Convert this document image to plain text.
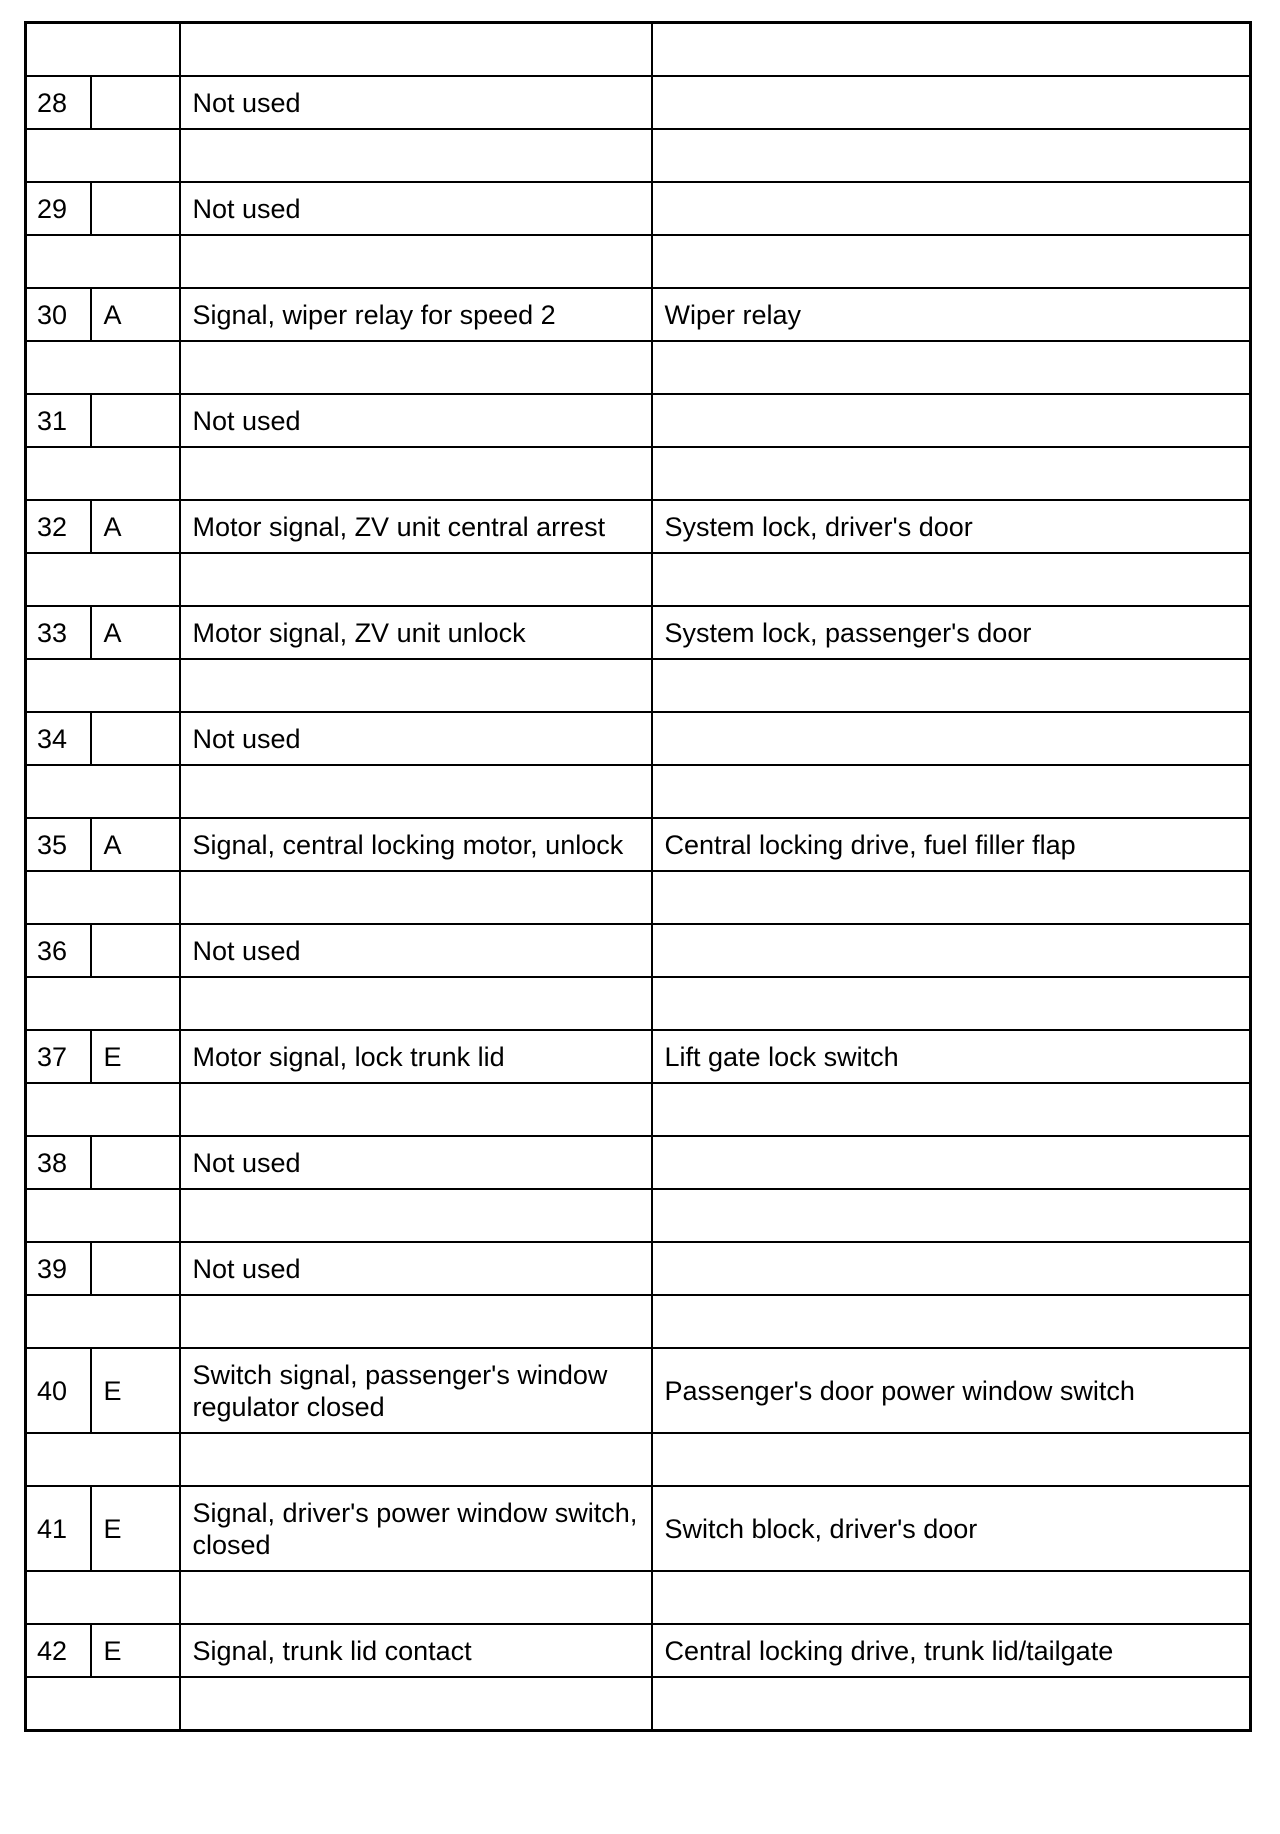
28		Not used	

29		Not used	

30	A	Signal, wiper relay for speed 2	Wiper relay

31		Not used	

32	A	Motor signal, ZV unit central arrest	System lock, driver's door

33	A	Motor signal, ZV unit unlock	System lock, passenger's door

34		Not used	

35	A	Signal, central locking motor, unlock	Central locking drive, fuel filler flap

36		Not used	

37	E	Motor signal, lock trunk lid	Lift gate lock switch

38		Not used	

39		Not used	

40	E	Switch signal, passenger's window regulator closed	Passenger's door power window switch

41	E	Signal, driver's power window switch, closed	Switch block, driver's door

42	E	Signal, trunk lid contact	Central locking drive, trunk lid/tailgate
